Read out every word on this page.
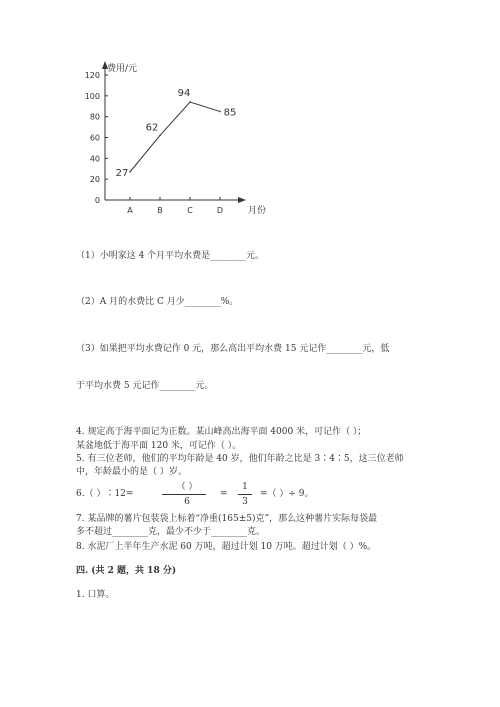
0
20
40
60
80
100
120
费用/元
月份
A	B	C	D
27
62
94
85
（1）小明家这 4 个月平均水费是________元。
（2）A 月的水费比 C 月少________%。
（3）如果把平均水费记作 0 元，那么高出平均水费 15 元记作________元，低
于平均水费 5 元记作________元。
4. 规定高于海平面记为正数。某山峰高出海平面 4000 米，可记作（ ）；
某盆地低于海平面 120 米，可记作（ ）。
5. 有三位老师，他们的平均年龄是 40 岁，他们年龄之比是 3∶4∶5，这三位老师
中，年龄最小的是（ ）岁。
6.（ ）∶12=
（ ）
6
=
1
3
=（ ）÷ 9。
7. 某品牌的薯片包装袋上标着“净重(165±5)克”，那么这种薯片实际每袋最
多不超过________克，最少不少于________克。
8. 水泥厂上半年生产水泥 60 万吨，超过计划 10 万吨。超过计划（ ）%。
四. (共 2 题，共 18 分)
1. 口算。
